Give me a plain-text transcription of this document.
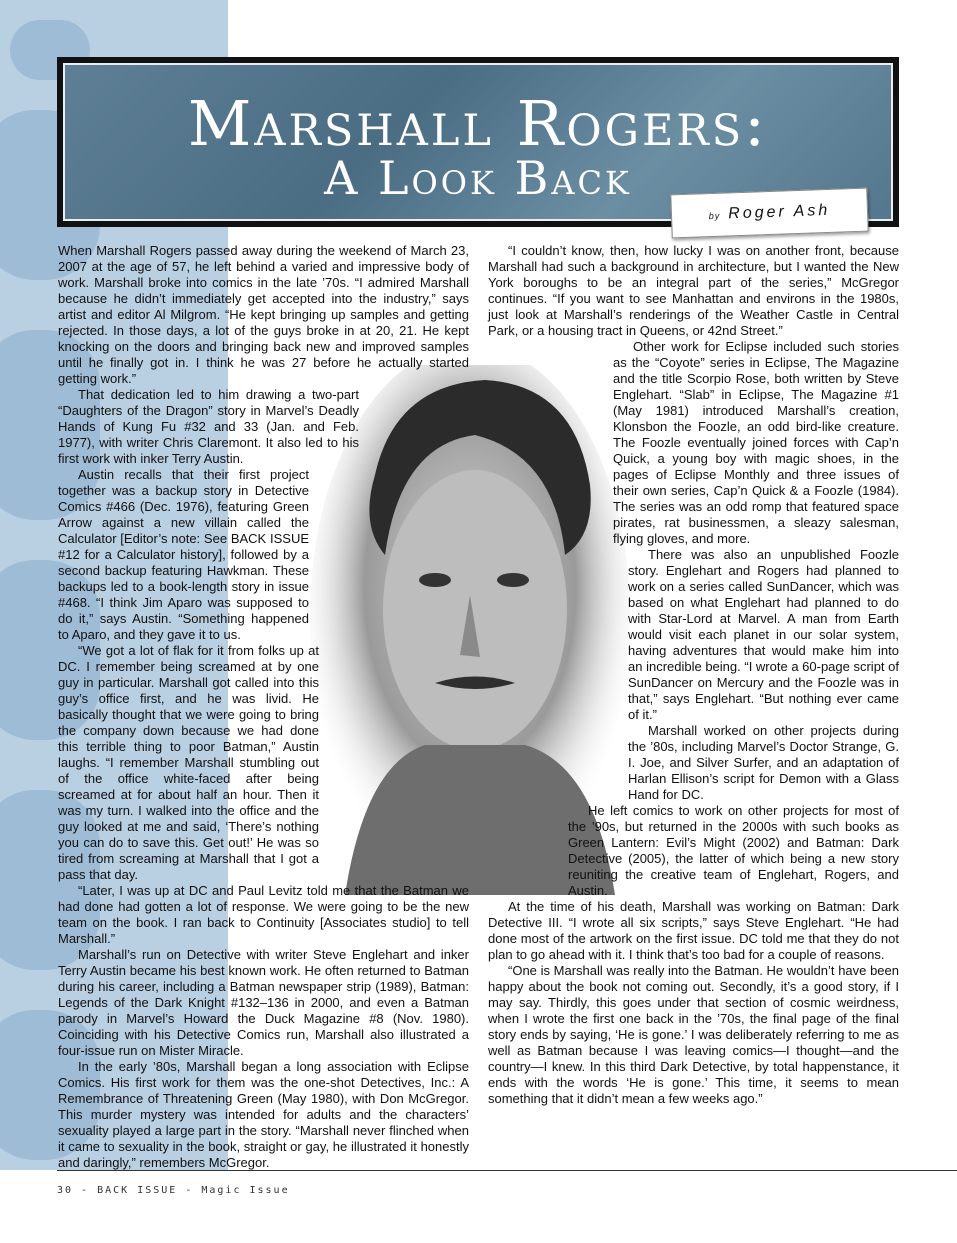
Marshall Rogers:
A Look Back
by Roger Ash

When Marshall Rogers passed away during the weekend of March 23, 2007 at the age of 57, he left behind a varied and impressive body of work. Marshall broke into comics in the late ’70s. “I admired Marshall because he didn’t immediately get accepted into the industry,” says artist and editor Al Milgrom. “He kept bringing up samples and getting rejected. In those days, a lot of the guys broke in at 20, 21. He kept knocking on the doors and bringing back new and improved samples until he finally got in. I think he was 27 before he actually started getting work.”

That dedication led to him drawing a two-part “Daughters of the Dragon” story in Marvel’s Deadly Hands of Kung Fu #32 and 33 (Jan. and Feb. 1977), with writer Chris Claremont. It also led to his first work with inker Terry Austin.

Austin recalls that their first project together was a backup story in Detective Comics #466 (Dec. 1976), featuring Green Arrow against a new villain called the Calculator [Editor’s note: See BACK ISSUE #12 for a Calculator history], followed by a second backup featuring Hawkman. These backups led to a book-length story in issue #468. “I think Jim Aparo was supposed to do it,” says Austin. “Something happened to Aparo, and they gave it to us.

“We got a lot of flak for it from folks up at DC. I remember being screamed at by one guy in particular. Marshall got called into this guy’s office first, and he was livid. He basically thought that we were going to bring the company down because we had done this terrible thing to poor Batman,” Austin laughs. “I remember Marshall stumbling out of the office white-faced after being screamed at for about half an hour. Then it was my turn. I walked into the office and the guy looked at me and said, ‘There’s nothing you can do to save this. Get out!’ He was so tired from screaming at Marshall that I got a pass that day.

“Later, I was up at DC and Paul Levitz told me that the Batman we had done had gotten a lot of response. We were going to be the new team on the book. I ran back to Continuity [Associates studio] to tell Marshall.”

Marshall’s run on Detective with writer Steve Englehart and inker Terry Austin became his best known work. He often returned to Batman during his career, including a Batman newspaper strip (1989), Batman: Legends of the Dark Knight #132–136 in 2000, and even a Batman parody in Marvel’s Howard the Duck Magazine #8 (Nov. 1980). Coinciding with his Detective Comics run, Marshall also illustrated a four-issue run on Mister Miracle.

In the early ’80s, Marshall began a long association with Eclipse Comics. His first work for them was the one-shot Detectives, Inc.: A Remembrance of Threatening Green (May 1980), with Don McGregor. This murder mystery was intended for adults and the characters’ sexuality played a large part in the story. “Marshall never flinched when it came to sexuality in the book, straight or gay, he illustrated it honestly and daringly,” remembers McGregor.

“I couldn’t know, then, how lucky I was on another front, because Marshall had such a background in architecture, but I wanted the New York boroughs to be an integral part of the series,” McGregor continues. “If you want to see Manhattan and environs in the 1980s, just look at Marshall’s renderings of the Weather Castle in Central Park, or a housing tract in Queens, or 42nd Street.”

Other work for Eclipse included such stories as the “Coyote” series in Eclipse, The Magazine and the title Scorpio Rose, both written by Steve Englehart. “Slab” in Eclipse, The Magazine #1 (May 1981) introduced Marshall’s creation, Klonsbon the Foozle, an odd bird-like creature. The Foozle eventually joined forces with Cap’n Quick, a young boy with magic shoes, in the pages of Eclipse Monthly and three issues of their own series, Cap’n Quick & a Foozle (1984). The series was an odd romp that featured space pirates, rat businessmen, a sleazy salesman, flying gloves, and more.

There was also an unpublished Foozle story. Englehart and Rogers had planned to work on a series called SunDancer, which was based on what Englehart had planned to do with Star-Lord at Marvel. A man from Earth would visit each planet in our solar system, having adventures that would make him into an incredible being. “I wrote a 60-page script of SunDancer on Mercury and the Foozle was in that,” says Englehart. “But nothing ever came of it.”

Marshall worked on other projects during the ’80s, including Marvel’s Doctor Strange, G. I. Joe, and Silver Surfer, and an adaptation of Harlan Ellison’s script for Demon with a Glass Hand for DC.

He left comics to work on other projects for most of the ’90s, but returned in the 2000s with such books as Green Lantern: Evil’s Might (2002) and Batman: Dark Detective (2005), the latter of which being a new story reuniting the creative team of Englehart, Rogers, and Austin.

At the time of his death, Marshall was working on Batman: Dark Detective III. “I wrote all six scripts,” says Steve Englehart. “He had done most of the artwork on the first issue. DC told me that they do not plan to go ahead with it. I think that’s too bad for a couple of reasons.

“One is Marshall was really into the Batman. He wouldn’t have been happy about the book not coming out. Secondly, it’s a good story, if I may say. Thirdly, this goes under that section of cosmic weirdness, when I wrote the first one back in the ’70s, the final page of the final story ends by saying, ‘He is gone.’ I was deliberately referring to me as well as Batman because I was leaving comics—I thought—and the country—I knew. In this third Dark Detective, by total happenstance, it ends with the words ‘He is gone.’ This time, it seems to mean something that it didn’t mean a few weeks ago.”

30 - BACK ISSUE - Magic Issue
